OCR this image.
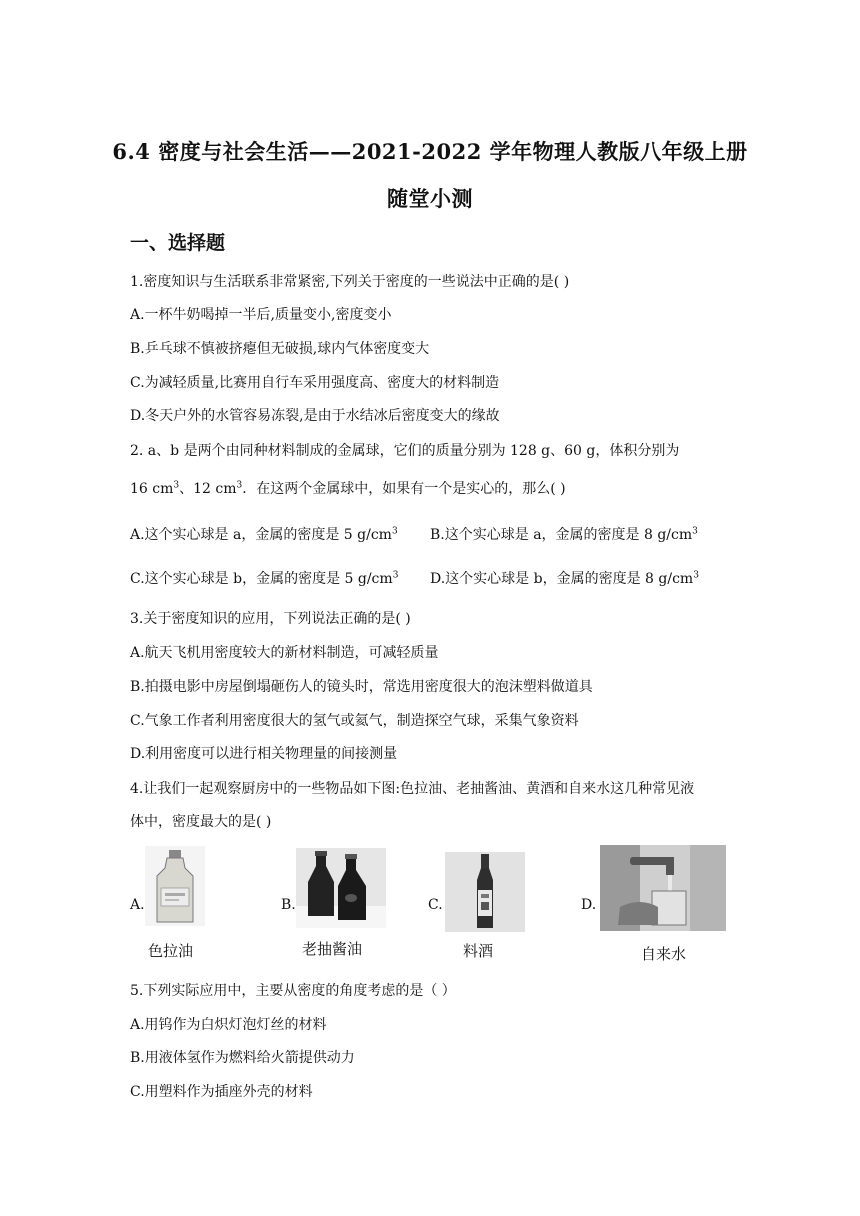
6.4 密度与社会生活——2021-2022 学年物理人教版八年级上册
随堂小测
一、选择题
1.密度知识与生活联系非常紧密,下列关于密度的一些说法中正确的是( )
A.一杯牛奶喝掉一半后,质量变小,密度变小
B.乒乓球不慎被挤瘪但无破损,球内气体密度变大
C.为减轻质量,比赛用自行车采用强度高、密度大的材料制造
D.冬天户外的水管容易冻裂,是由于水结冰后密度变大的缘故
2. a、b 是两个由同种材料制成的金属球，它们的质量分别为 128 g、60 g，体积分别为
16 $cm^3$、12 $cm^3$．在这两个金属球中，如果有一个是实心的，那么( )
A.这个实心球是 a，金属的密度是 5 $g/cm^3$ B.这个实心球是 a，金属的密度是 8 $g/cm^3$
C.这个实心球是 b，金属的密度是 5 $g/cm^3$ D.这个实心球是 b，金属的密度是 8 $g/cm^3$
3.关于密度知识的应用，下列说法正确的是( )
A.航天飞机用密度较大的新材料制造，可减轻质量
B.拍摄电影中房屋倒塌砸伤人的镜头时，常选用密度很大的泡沫塑料做道具
C.气象工作者利用密度很大的氢气或氦气，制造探空气球，采集气象资料
D.利用密度可以进行相关物理量的间接测量
4.让我们一起观察厨房中的一些物品如下图:色拉油、老抽酱油、黄酒和自来水这几种常见液
体中，密度最大的是( )
A.
色拉油
B.
老抽酱油
C.
料酒
D.
自来水
5.下列实际应用中，主要从密度的角度考虑的是（ ）
A.用钨作为白炽灯泡灯丝的材料
B.用液体氢作为燃料给火箭提供动力
C.用塑料作为插座外壳的材料
